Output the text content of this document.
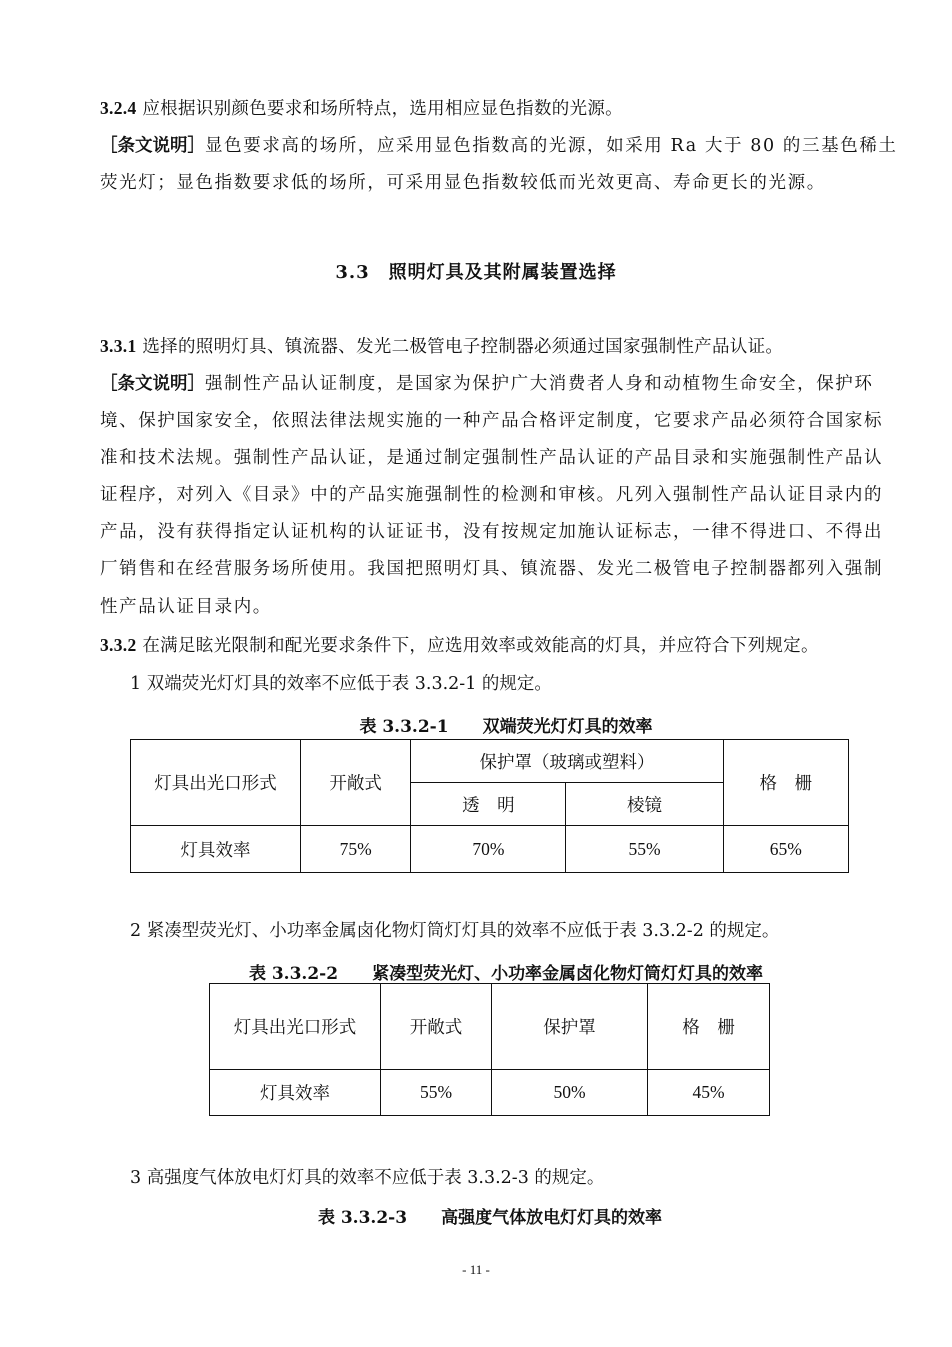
3.2.4 应根据识别颜色要求和场所特点，选用相应显色指数的光源。
［条文说明］显色要求高的场所，应采用显色指数高的光源，如采用 Ra 大于 80 的三基色稀土
荧光灯；显色指数要求低的场所，可采用显色指数较低而光效更高、寿命更长的光源。
3.3　照明灯具及其附属装置选择
3.3.1 选择的照明灯具、镇流器、发光二极管电子控制器必须通过国家强制性产品认证。
［条文说明］强制性产品认证制度，是国家为保护广大消费者人身和动植物生命安全，保护环
境、保护国家安全，依照法律法规实施的一种产品合格评定制度，它要求产品必须符合国家标
准和技术法规。强制性产品认证，是通过制定强制性产品认证的产品目录和实施强制性产品认
证程序，对列入《目录》中的产品实施强制性的检测和审核。凡列入强制性产品认证目录内的
产品，没有获得指定认证机构的认证证书，没有按规定加施认证标志，一律不得进口、不得出
厂销售和在经营服务场所使用。我国把照明灯具、镇流器、发光二极管电子控制器都列入强制
性产品认证目录内。
3.3.2 在满足眩光限制和配光要求条件下，应选用效率或效能高的灯具，并应符合下列规定。
1 双端荧光灯灯具的效率不应低于表 3.3.2-1 的规定。
表 3.3.2-1　　双端荧光灯灯具的效率
灯具出光口形式	开敞式	保护罩（玻璃或塑料）		格　栅
		透　明	棱镜	
灯具效率	75%	70%	55%	65%
2 紧凑型荧光灯、小功率金属卤化物灯筒灯灯具的效率不应低于表 3.3.2-2 的规定。
表 3.3.2-2　　紧凑型荧光灯、小功率金属卤化物灯筒灯灯具的效率
灯具出光口形式	开敞式	保护罩	格　栅
灯具效率	55%	50%	45%
3 高强度气体放电灯灯具的效率不应低于表 3.3.2-3 的规定。
表 3.3.2-3　　高强度气体放电灯灯具的效率
- 11 -
